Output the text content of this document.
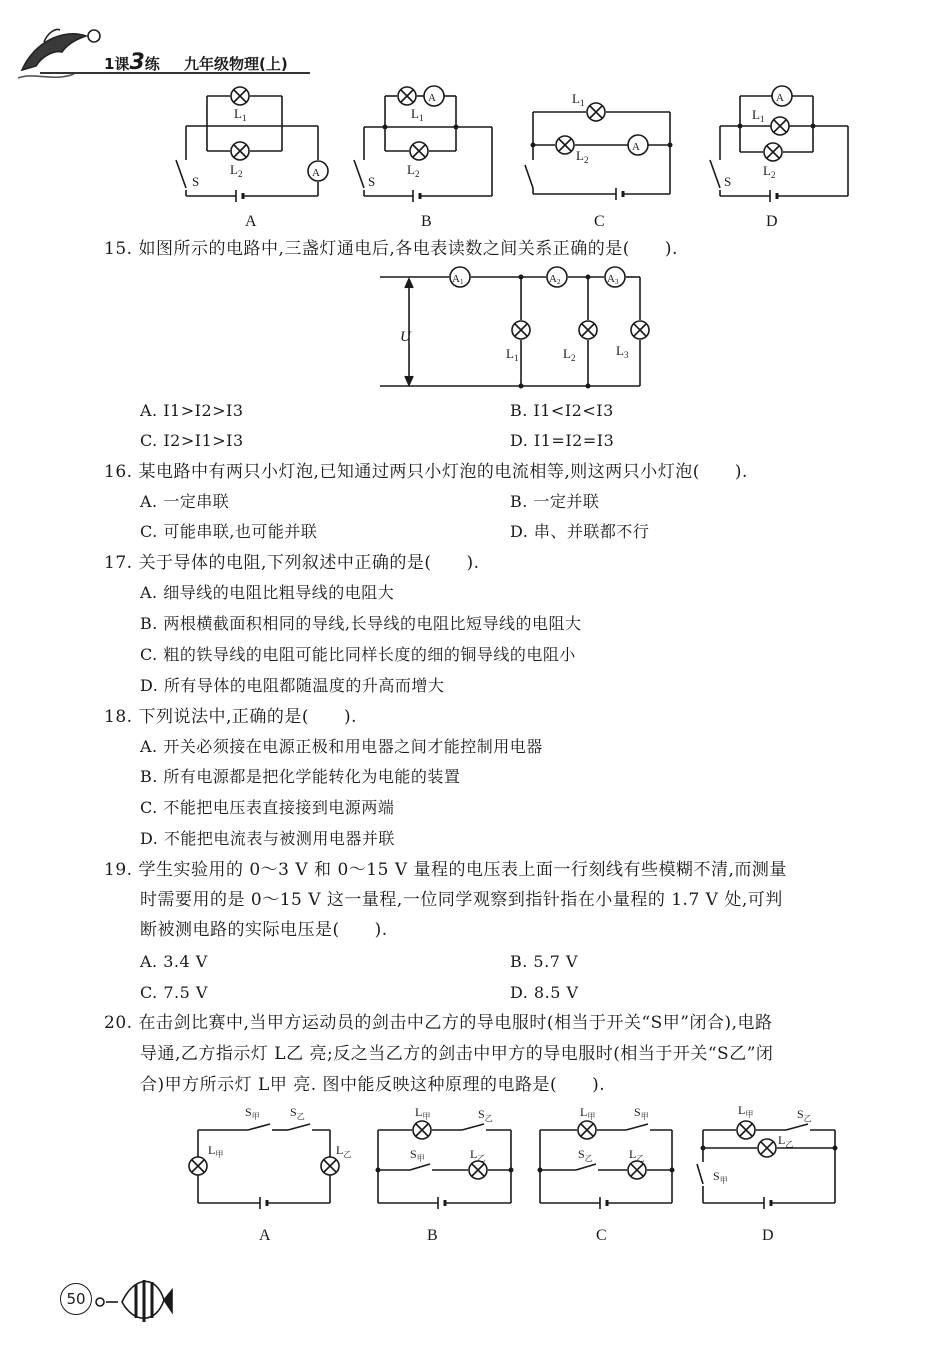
1课3练 九年级物理(上)
A
$L_1$
$L_2$
S
A
A
$L_1$
$L_2$
S
B
A
$L_1$
$L_2$
C
A
$L_1$
$L_2$
S
D
15. 如图所示的电路中,三盏灯通电后,各电表读数之间关系正确的是(　　).
U
A1	A2	A3
$L_1$	$L_2$	$L_3$
A. I1>I2>I3	B. I1<I2<I3
C. I2>I1>I3	D. I1=I2=I3
16. 某电路中有两只小灯泡,已知通过两只小灯泡的电流相等,则这两只小灯泡(　　).
A. 一定串联	B. 一定并联
C. 可能串联,也可能并联	D. 串、并联都不行
17. 关于导体的电阻,下列叙述中正确的是(　　).
A. 细导线的电阻比粗导线的电阻大
B. 两根横截面积相同的导线,长导线的电阻比短导线的电阻大
C. 粗的铁导线的电阻可能比同样长度的细的铜导线的电阻小
D. 所有导体的电阻都随温度的升高而增大
18. 下列说法中,正确的是(　　).
A. 开关必须接在电源正极和用电器之间才能控制用电器
B. 所有电源都是把化学能转化为电能的装置
C. 不能把电压表直接接到电源两端
D. 不能把电流表与被测用电器并联
19. 学生实验用的 0～3 V 和 0～15 V 量程的电压表上面一行刻线有些模糊不清,而测量
时需要用的是 0～15 V 这一量程,一位同学观察到指针指在小量程的 1.7 V 处,可判
断被测电路的实际电压是(　　).
A. 3.4 V	B. 5.7 V
C. 7.5 V	D. 8.5 V
20. 在击剑比赛中,当甲方运动员的剑击中乙方的导电服时(相当于开关“S甲”闭合),电路
导通,乙方指示灯 L乙 亮;反之当乙方的剑击中甲方的导电服时(相当于开关“S乙”闭
合)甲方所示灯 L甲 亮. 图中能反映这种原理的电路是(　　).
$S_甲$	$S_乙$
$L_甲$	$L_乙$
A
$L_甲$	$S_乙$
$S_甲$	$L_乙$
B
$L_甲$	$S_甲$
$S_乙$	$L_乙$
C
$L_甲$	$S_乙$
$L_乙$
$S_甲$
D
50
